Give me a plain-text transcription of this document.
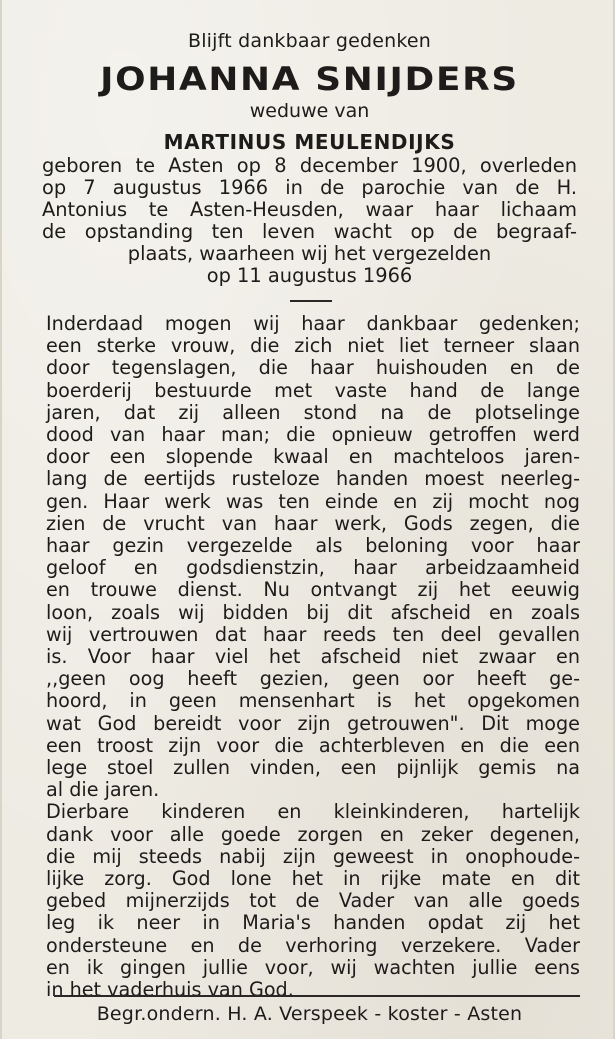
Blijft dankbaar gedenken
JOHANNA SNIJDERS
weduwe van
MARTINUS MEULENDIJKS
geboren te Asten op 8 december 1900, overleden
op 7 augustus 1966 in de parochie van de H.
Antonius te Asten-Heusden, waar haar lichaam
de opstanding ten leven wacht op de begraaf-
plaats, waarheen wij het vergezelden
op 11 augustus 1966
Inderdaad mogen wij haar dankbaar gedenken;
een sterke vrouw, die zich niet liet terneer slaan
door tegenslagen, die haar huishouden en de
boerderij bestuurde met vaste hand de lange
jaren, dat zij alleen stond na de plotselinge
dood van haar man; die opnieuw getroffen werd
door een slopende kwaal en machteloos jaren-
lang de eertijds rusteloze handen moest neerleg-
gen. Haar werk was ten einde en zij mocht nog
zien de vrucht van haar werk, Gods zegen, die
haar gezin vergezelde als beloning voor haar
geloof en godsdienstzin, haar arbeidzaamheid
en trouwe dienst. Nu ontvangt zij het eeuwig
loon, zoals wij bidden bij dit afscheid en zoals
wij vertrouwen dat haar reeds ten deel gevallen
is. Voor haar viel het afscheid niet zwaar en
,,geen oog heeft gezien, geen oor heeft ge-
hoord, in geen mensenhart is het opgekomen
wat God bereidt voor zijn getrouwen". Dit moge
een troost zijn voor die achterbleven en die een
lege stoel zullen vinden, een pijnlijk gemis na
al die jaren.
Dierbare kinderen en kleinkinderen, hartelijk
dank voor alle goede zorgen en zeker degenen,
die mij steeds nabij zijn geweest in onophoude-
lijke zorg. God lone het in rijke mate en dit
gebed mijnerzijds tot de Vader van alle goeds
leg ik neer in Maria's handen opdat zij het
ondersteune en de verhoring verzekere. Vader
en ik gingen jullie voor, wij wachten jullie eens
in het vaderhuis van God.
Begr.ondern. H. A. Verspeek - koster - Asten
